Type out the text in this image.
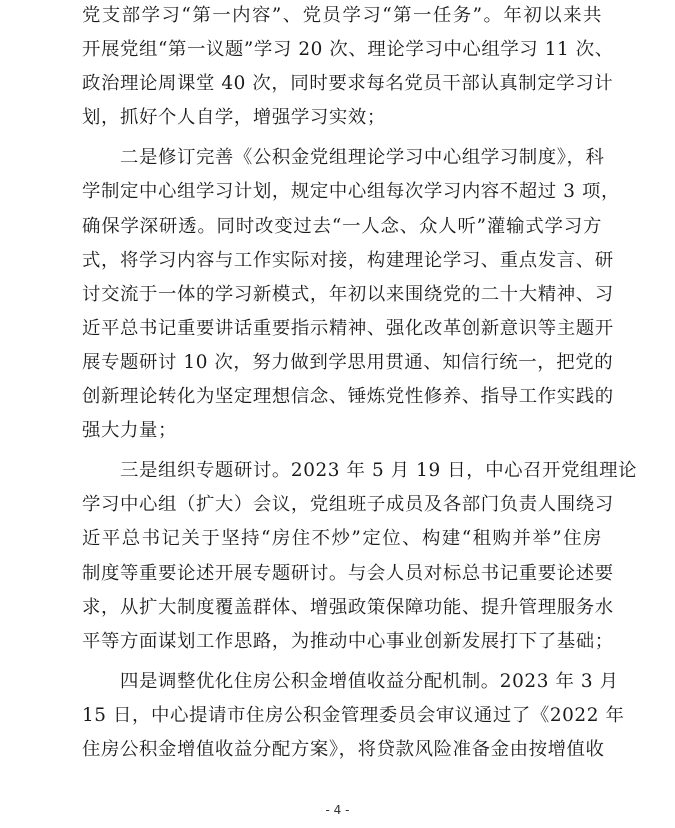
党支部学习“第一内容”、党员学习“第一任务”。年初以来共
开展党组“第一议题”学习 20 次、理论学习中心组学习 11 次、
政治理论周课堂 40 次，同时要求每名党员干部认真制定学习计
划，抓好个人自学，增强学习实效；

　　二是修订完善《公积金党组理论学习中心组学习制度》，科
学制定中心组学习计划，规定中心组每次学习内容不超过 3 项，
确保学深研透。同时改变过去“一人念、众人听”灌输式学习方
式，将学习内容与工作实际对接，构建理论学习、重点发言、研
讨交流于一体的学习新模式，年初以来围绕党的二十大精神、习
近平总书记重要讲话重要指示精神、强化改革创新意识等主题开
展专题研讨 10 次，努力做到学思用贯通、知信行统一，把党的
创新理论转化为坚定理想信念、锤炼党性修养、指导工作实践的
强大力量；

　　三是组织专题研讨。2023 年 5 月 19 日，中心召开党组理论
学习中心组（扩大）会议，党组班子成员及各部门负责人围绕习
近平总书记关于坚持“房住不炒”定位、构建“租购并举”住房
制度等重要论述开展专题研讨。与会人员对标总书记重要论述要
求，从扩大制度覆盖群体、增强政策保障功能、提升管理服务水
平等方面谋划工作思路，为推动中心事业创新发展打下了基础；

　　四是调整优化住房公积金增值收益分配机制。2023 年 3 月
15 日，中心提请市住房公积金管理委员会审议通过了《2022 年
住房公积金增值收益分配方案》，将贷款风险准备金由按增值收

- 4 -
